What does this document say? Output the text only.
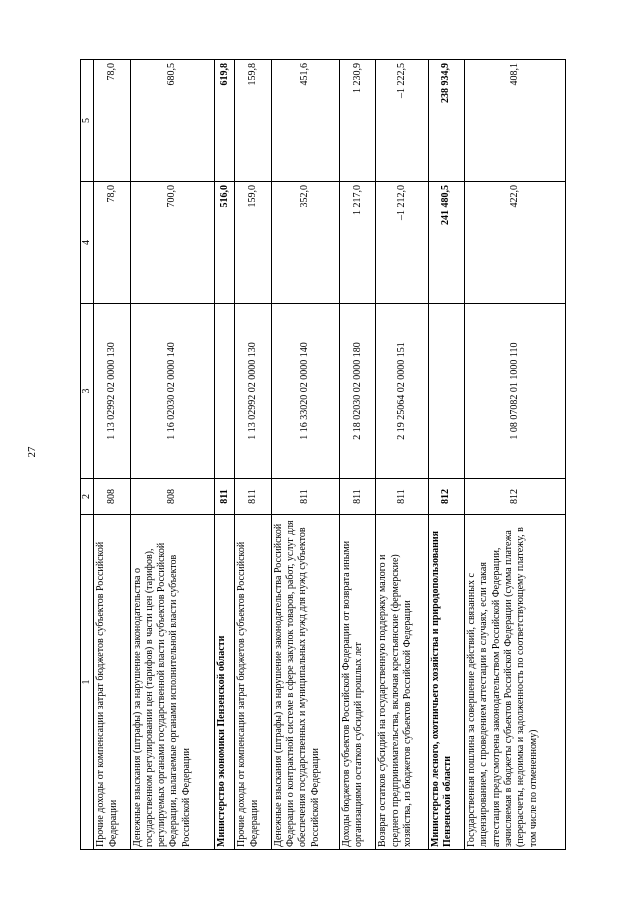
27
1	2	3	4	5
Прочие доходы от компенсации затрат бюджетов субъектов Российской Федерации	808	1 13 02992 02 0000 130	78,0	78,0
Денежные взыскания (штрафы) за нарушение законодательства о государственном регулировании цен (тарифов) в части цен (тарифов), регулируемых органами государственной власти субъектов Российской Федерации, налагаемые органами исполнительной власти субъектов Российской Федерации	808	1 16 02030 02 0000 140	700,0	680,5
Министерство экономики Пензенской области	811		516,0	619,8
Прочие доходы от компенсации затрат бюджетов субъектов Российской Федерации	811	1 13 02992 02 0000 130	159,0	159,8
Денежные взыскания (штрафы) за нарушение законодательства Российской Федерации о контрактной системе в сфере закупок товаров, работ, услуг для обеспечения государственных и муниципальных нужд для нужд субъектов Российской Федерации	811	1 16 33020 02 0000 140	352,0	451,6
Доходы бюджетов субъектов Российской Федерации от возврата иными организациями остатков субсидий прошлых лет	811	2 18 02030 02 0000 180	1 217,0	1 230,9
Возврат остатков субсидий на государственную поддержку малого и среднего предпринимательства, включая крестьянские (фермерские) хозяйства, из бюджетов субъектов Российской Федерации	811	2 19 25064 02 0000 151	–1 212,0	–1 222,5
Министерство лесного, охотничьего хозяйства и природопользования Пензенской области	812		241 480,5	238 934,9
Государственная пошлина за совершение действий, связанных с лицензированием, с проведением аттестации в случаях, если такая аттестация предусмотрена законодательством Российской Федерации, зачисляемая в бюджеты субъектов Российской Федерации (сумма платежа (перерасчеты, недоимка и задолженность по соответствующему платежу, в том числе по отмененному)	812	1 08 07082 01 1000 110	422,0	408,1
